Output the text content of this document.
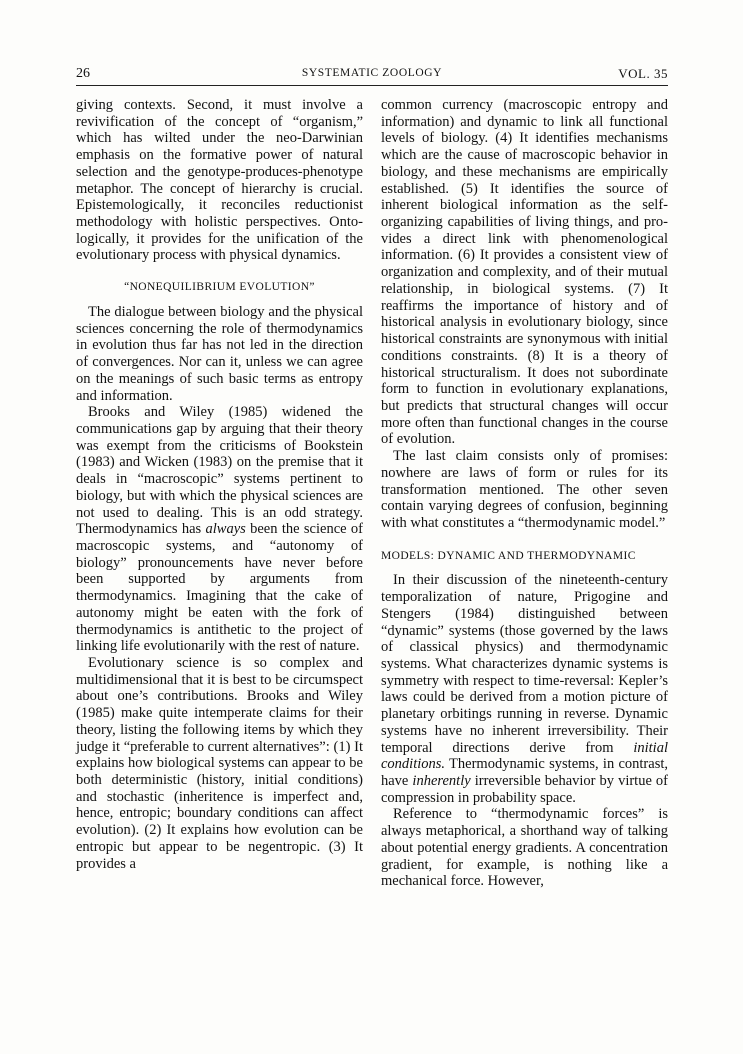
26	SYSTEMATIC ZOOLOGY	VOL. 35

giving contexts. Second, it must involve a revivification of the concept of “organism,” which has wilted under the neo-Darwinian emphasis on the formative power of natural selection and the genotype-produces-phenotype metaphor. The concept of hierarchy is crucial. Epistemologically, it reconciles reductionist methodology with holistic perspectives. Ontologically, it provides for the unification of the evolutionary process with physical dynamics.

“NONEQUILIBRIUM EVOLUTION”

The dialogue between biology and the physical sciences concerning the role of thermodynamics in evolution thus far has not led in the direction of convergences. Nor can it, unless we can agree on the meanings of such basic terms as entropy and information.

Brooks and Wiley (1985) widened the communications gap by arguing that their theory was exempt from the criticisms of Bookstein (1983) and Wicken (1983) on the premise that it deals in “macroscopic” systems pertinent to biology, but with which the physical sciences are not used to dealing. This is an odd strategy. Thermodynamics has always been the science of macroscopic systems, and “autonomy of biology” pronouncements have never before been supported by arguments from thermodynamics. Imagining that the cake of autonomy might be eaten with the fork of thermodynamics is antithetic to the project of linking life evolutionarily with the rest of nature.

Evolutionary science is so complex and multidimensional that it is best to be circumspect about one’s contributions. Brooks and Wiley (1985) make quite intemperate claims for their theory, listing the following items by which they judge it “preferable to current alternatives”: (1) It explains how biological systems can appear to be both deterministic (history, initial conditions) and stochastic (inheritence is imperfect and, hence, entropic; boundary conditions can affect evolution). (2) It explains how evolution can be entropic but appear to be negentropic. (3) It provides a

common currency (macroscopic entropy and information) and dynamic to link all functional levels of biology. (4) It identifies mechanisms which are the cause of macroscopic behavior in biology, and these mechanisms are empirically established. (5) It identifies the source of inherent biological information as the self-organizing capabilities of living things, and provides a direct link with phenomenological information. (6) It provides a consistent view of organization and complexity, and of their mutual relationship, in biological systems. (7) It reaffirms the importance of history and of historical analysis in evolutionary biology, since historical constraints are synonymous with initial conditions constraints. (8) It is a theory of historical structuralism. It does not subordinate form to function in evolutionary explanations, but predicts that structural changes will occur more often than functional changes in the course of evolution.

The last claim consists only of promises: nowhere are laws of form or rules for its transformation mentioned. The other seven contain varying degrees of confusion, beginning with what constitutes a “thermodynamic model.”

MODELS: DYNAMIC AND THERMODYNAMIC

In their discussion of the nineteenth-century temporalization of nature, Prigogine and Stengers (1984) distinguished between “dynamic” systems (those governed by the laws of classical physics) and thermodynamic systems. What characterizes dynamic systems is symmetry with respect to time-reversal: Kepler’s laws could be derived from a motion picture of planetary orbitings running in reverse. Dynamic systems have no inherent irreversibility. Their temporal directions derive from initial conditions. Thermodynamic systems, in contrast, have inherently irreversible behavior by virtue of compression in probability space.

Reference to “thermodynamic forces” is always metaphorical, a shorthand way of talking about potential energy gradients. A concentration gradient, for example, is nothing like a mechanical force. However,
